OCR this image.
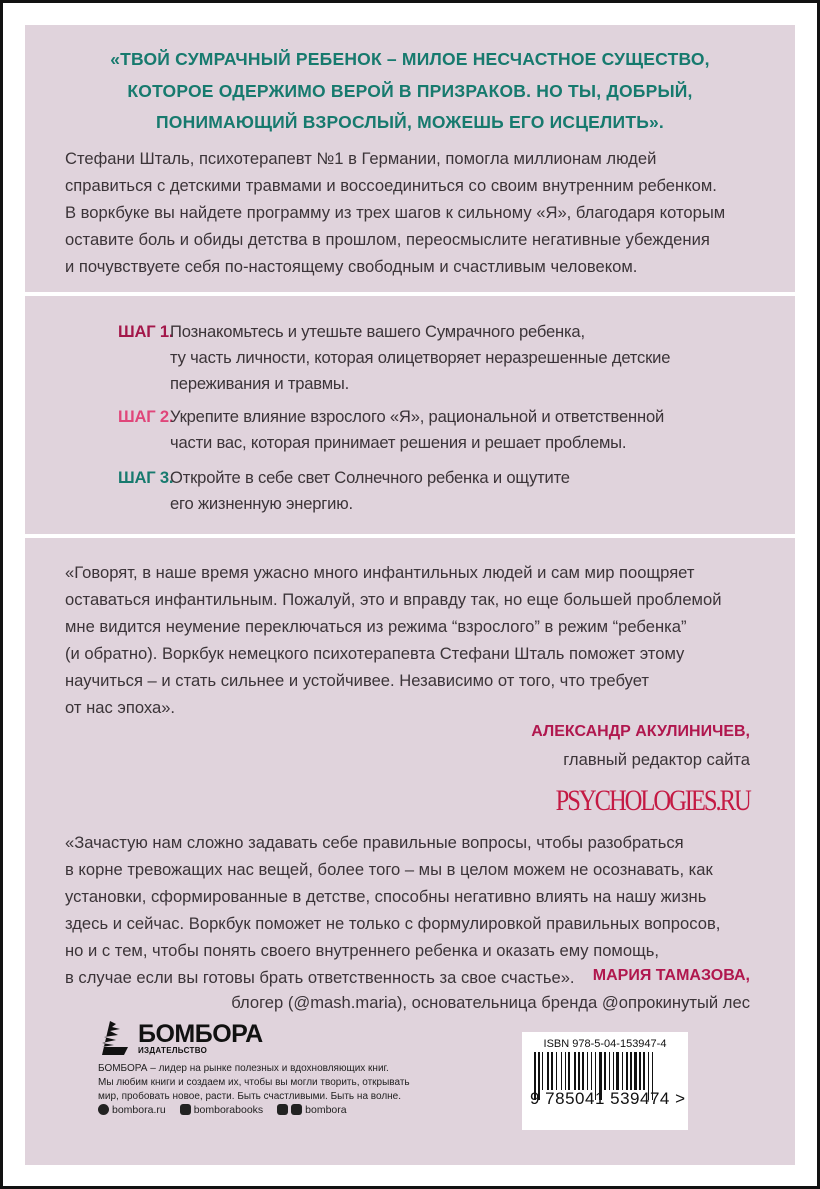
«ТВОЙ СУМРАЧНЫЙ РЕБЕНОК – МИЛОЕ НЕСЧАСТНОЕ СУЩЕСТВО,
КОТОРОЕ ОДЕРЖИМО ВЕРОЙ В ПРИЗРАКОВ. НО ТЫ, ДОБРЫЙ,
ПОНИМАЮЩИЙ ВЗРОСЛЫЙ, МОЖЕШЬ ЕГО ИСЦЕЛИТЬ».
Стефани Шталь, психотерапевт №1 в Германии, помогла миллионам людей
справиться с детскими травмами и воссоединиться со своим внутренним ребенком.
В воркбуке вы найдете программу из трех шагов к сильному «Я», благодаря которым
оставите боль и обиды детства в прошлом, переосмыслите негативные убеждения
и почувствуете себя по-настоящему свободным и счастливым человеком.
ШАГ 1.Познакомьтесь и утешьте вашего Сумрачного ребенка,
ту часть личности, которая олицетворяет неразрешенные детские
переживания и травмы.
ШАГ 2.Укрепите влияние взрослого «Я», рациональной и ответственной
части вас, которая принимает решения и решает проблемы.
ШАГ 3.Откройте в себе свет Солнечного ребенка и ощутите
его жизненную энергию.
«Говорят, в наше время ужасно много инфантильных людей и сам мир поощряет
оставаться инфантильным. Пожалуй, это и вправду так, но еще большей проблемой
мне видится неумение переключаться из режима “взрослого” в режим “ребенка”
(и обратно). Воркбук немецкого психотерапевта Стефани Шталь поможет этому
научиться – и стать сильнее и устойчивее. Независимо от того, что требует
от нас эпоха».
АЛЕКСАНДР АКУЛИНИЧЕВ,
главный редактор сайта
PSYCHOLOGIES.RU
«Зачастую нам сложно задавать себе правильные вопросы, чтобы разобраться
в корне тревожащих нас вещей, более того – мы в целом можем не осознавать, как
установки, сформированные в детстве, способны негативно влиять на нашу жизнь
здесь и сейчас. Воркбук поможет не только с формулировкой правильных вопросов,
но и с тем, чтобы понять своего внутреннего ребенка и оказать ему помощь,
в случае если вы готовы брать ответственность за свое счастье».	МАРИЯ ТАМАЗОВА,
блогер (@mash.maria), основательница бренда @опрокинутый лес
БОМБОРА
ИЗДАТЕЛЬСТВО
БОМБОРА – лидер на рынке полезных и вдохновляющих книг.
Мы любим книги и создаем их, чтобы вы могли творить, открывать
мир, пробовать новое, расти. Быть счастливыми. Быть на волне.
bombora.ru	bomborabooks	bombora
ISBN 978-5-04-153947-4
9 785041 539474 >
